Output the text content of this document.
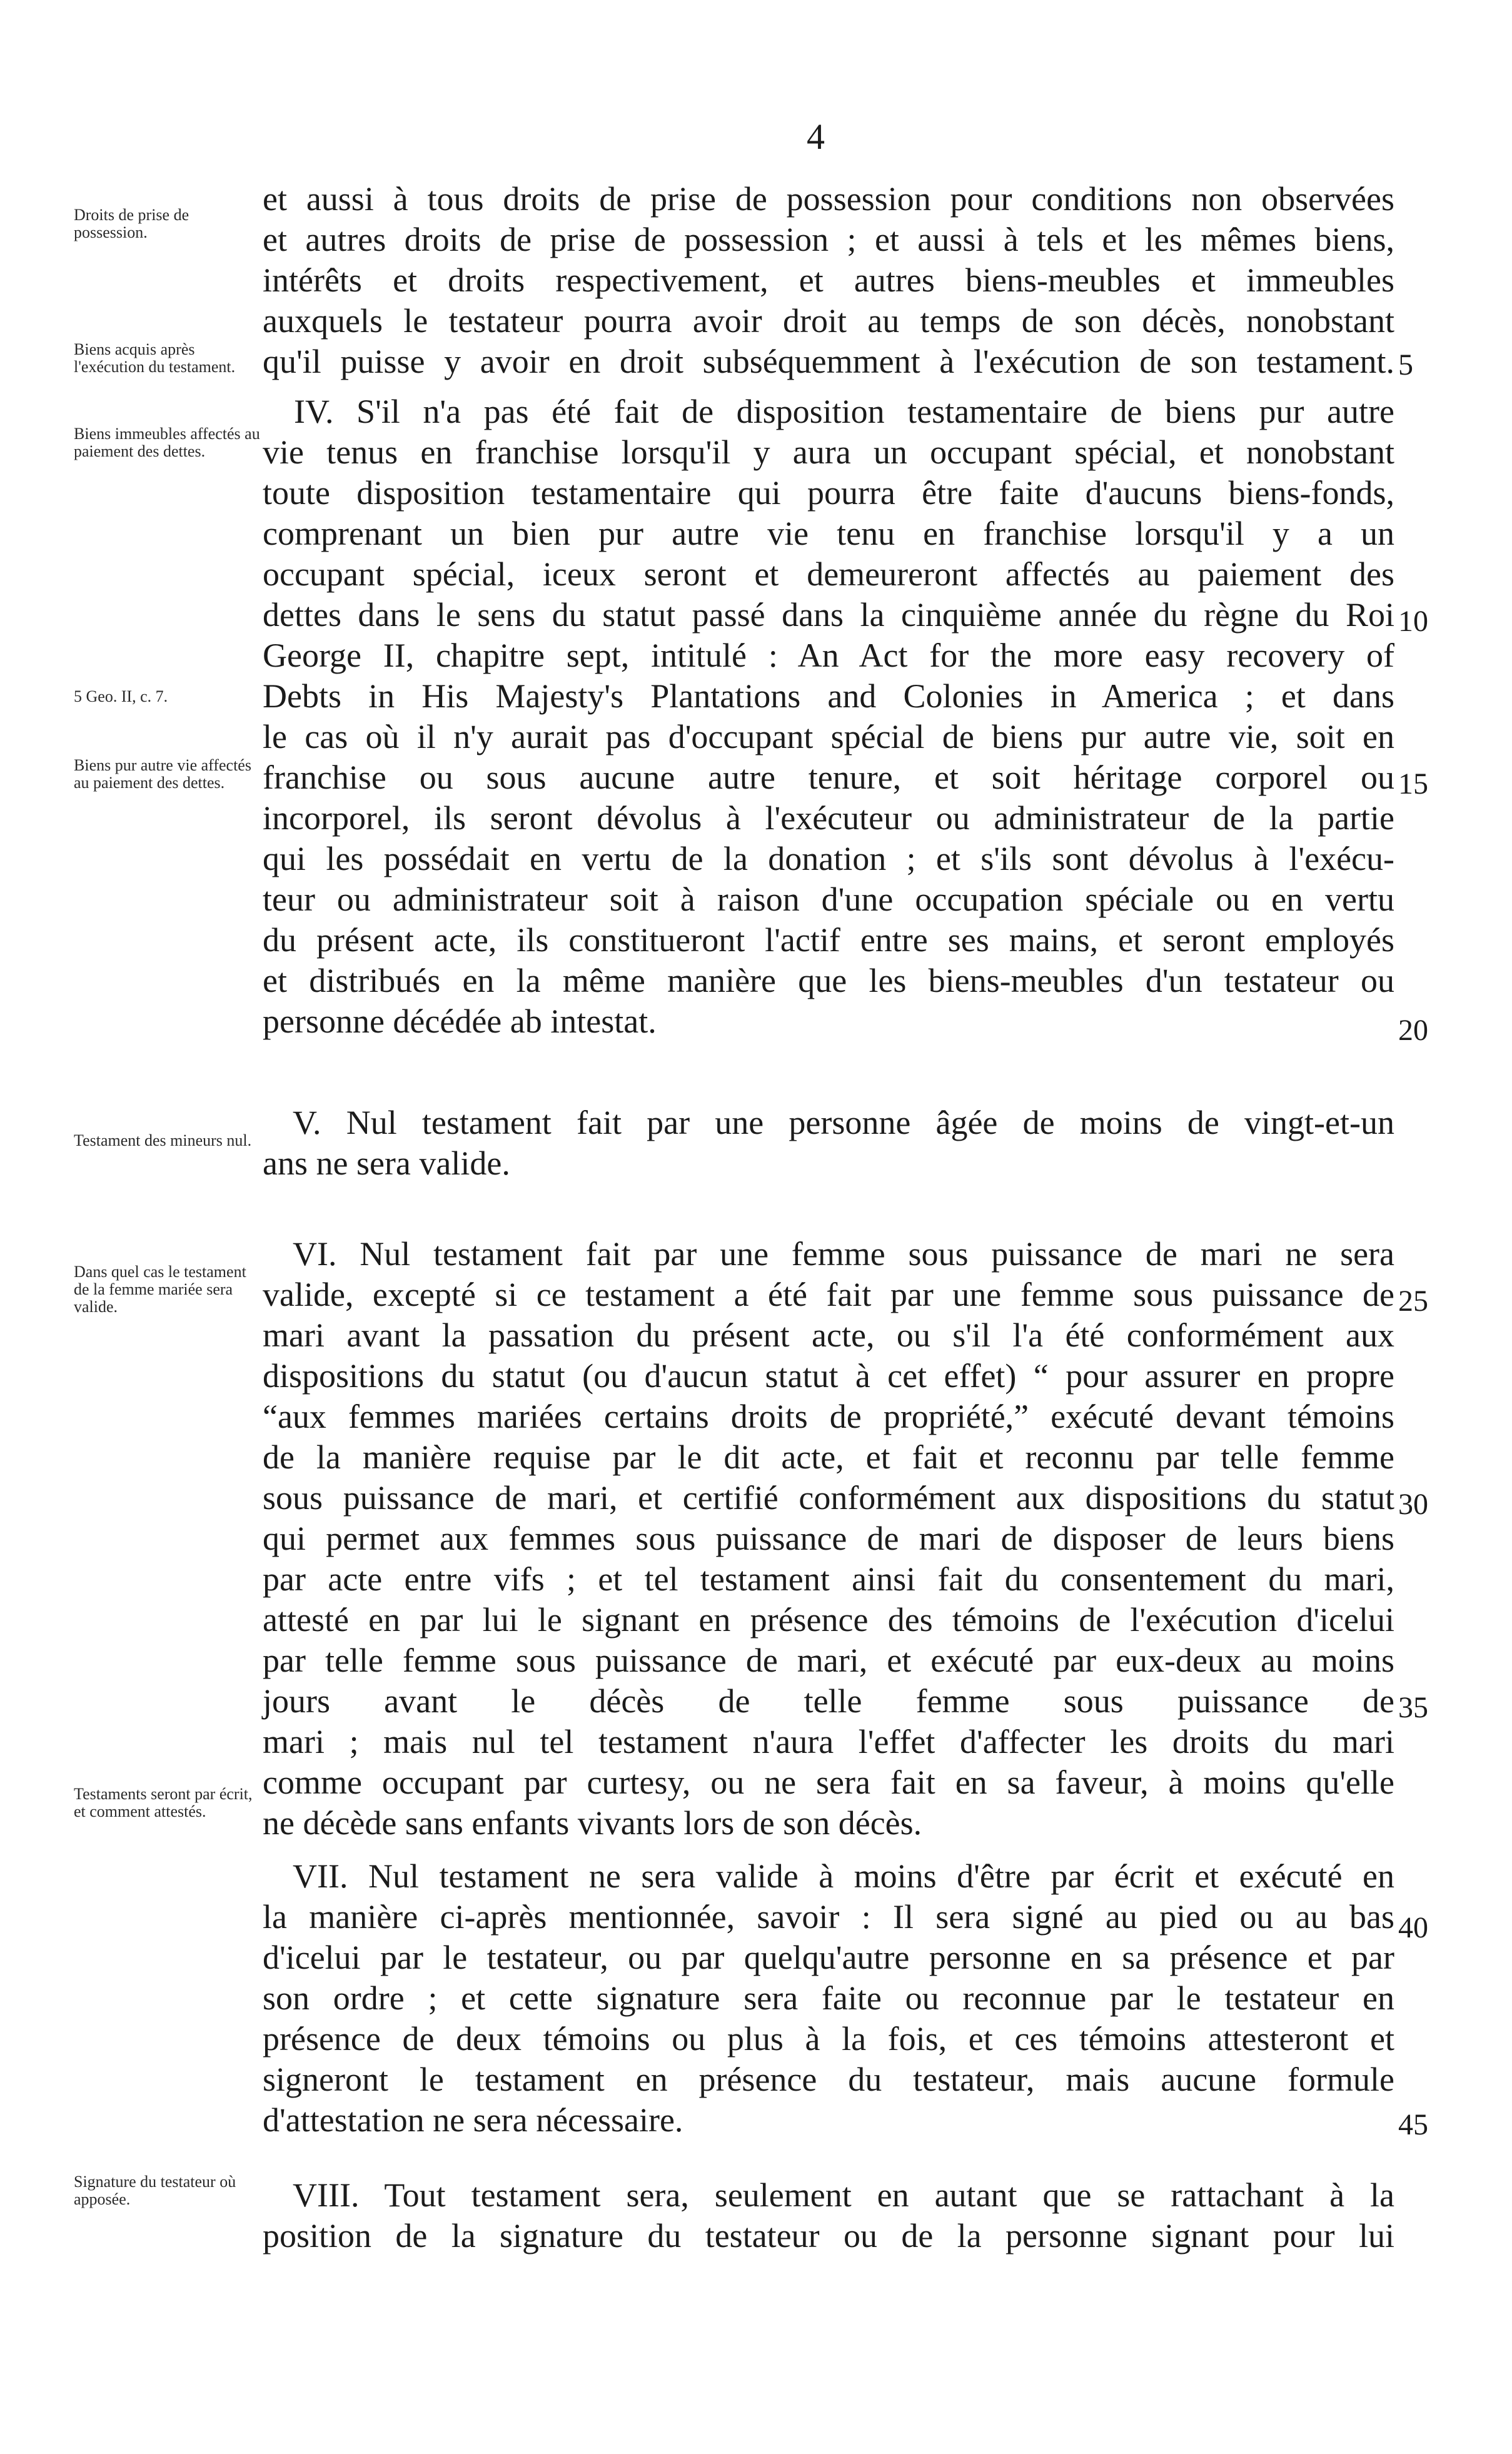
4
Droits de prise de possession.
Biens acquis après l'exécution du testament.
Biens immeubles affectés au paiement des dettes.
5 Geo. II, c. 7.
Biens pur autre vie affectés au paiement des dettes.
Testament des mineurs nul.
Dans quel cas le testament de la femme mariée sera valide.
Testaments seront par écrit, et comment attestés.
Signature du testateur où apposée.
et aussi à tous droits de prise de possession pour conditions non observées
et autres droits de prise de possession ; et aussi à tels et les mêmes biens,
intérêts et droits respectivement, et autres biens-meubles et immeubles
auxquels le testateur pourra avoir droit au temps de son décès, nonobstant
qu'il puisse y avoir en droit subséquemment à l'exécution de son testament.
IV. S'il n'a pas été fait de disposition testamentaire de biens pur autre
vie tenus en franchise lorsqu'il y aura un occupant spécial, et nonobstant
toute disposition testamentaire qui pourra être faite d'aucuns biens-fonds,
comprenant un bien pur autre vie tenu en franchise lorsqu'il y a un
occupant spécial, iceux seront et demeureront affectés au paiement des
dettes dans le sens du statut passé dans la cinquième année du règne du Roi
George II, chapitre sept, intitulé : An Act for the more easy recovery of
Debts in His Majesty's Plantations and Colonies in America ; et dans
le cas où il n'y aurait pas d'occupant spécial de biens pur autre vie, soit en
franchise ou sous aucune autre tenure, et soit héritage corporel ou
incorporel, ils seront dévolus à l'exécuteur ou administrateur de la partie
qui les possédait en vertu de la donation ; et s'ils sont dévolus à l'exécu-
teur ou administrateur soit à raison d'une occupation spéciale ou en vertu
du présent acte, ils constitueront l'actif entre ses mains, et seront employés
et distribués en la même manière que les biens-meubles d'un testateur ou
personne décédée ab intestat.
V. Nul testament fait par une personne âgée de moins de vingt-et-un
ans ne sera valide.
VI. Nul testament fait par une femme sous puissance de mari ne sera
valide, excepté si ce testament a été fait par une femme sous puissance de
mari avant la passation du présent acte, ou s'il l'a été conformément aux
dispositions du statut (ou d'aucun statut à cet effet) “ pour assurer en propre
“aux femmes mariées certains droits de propriété,” exécuté devant témoins
de la manière requise par le dit acte, et fait et reconnu par telle femme
sous puissance de mari, et certifié conformément aux dispositions du statut
qui permet aux femmes sous puissance de mari de disposer de leurs biens
par acte entre vifs ; et tel testament ainsi fait du consentement du mari,
attesté en par lui le signant en présence des témoins de l'exécution d'icelui
par telle femme sous puissance de mari, et exécuté par eux-deux au moins
jours avant le décès de telle femme sous puissance de
mari ; mais nul tel testament n'aura l'effet d'affecter les droits du mari
comme occupant par curtesy, ou ne sera fait en sa faveur, à moins qu'elle
ne décède sans enfants vivants lors de son décès.
VII. Nul testament ne sera valide à moins d'être par écrit et exécuté en
la manière ci-après mentionnée, savoir : Il sera signé au pied ou au bas
d'icelui par le testateur, ou par quelqu'autre personne en sa présence et par
son ordre ; et cette signature sera faite ou reconnue par le testateur en
présence de deux témoins ou plus à la fois, et ces témoins attesteront et
signeront le testament en présence du testateur, mais aucune formule
d'attestation ne sera nécessaire.
VIII. Tout testament sera, seulement en autant que se rattachant à la
position de la signature du testateur ou de la personne signant pour lui
5
10
15
20
25
30
35
40
45
